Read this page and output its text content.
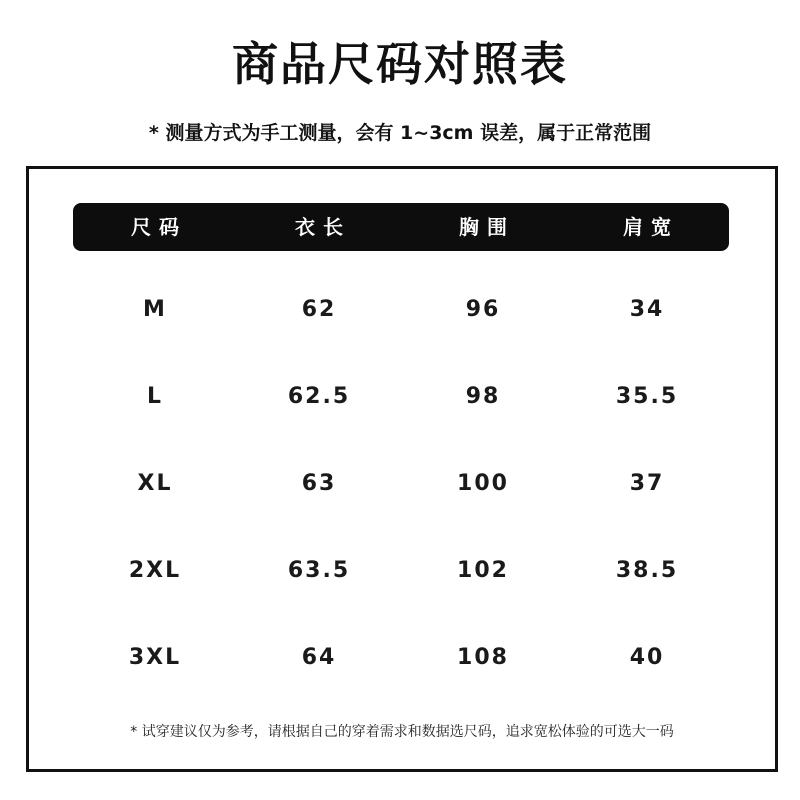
商品尺码对照表
* 测量方式为手工测量，会有 1~3cm 误差，属于正常范围
尺码	衣长	胸围	肩宽
M	62	96	34
L	62.5	98	35.5
XL	63	100	37
2XL	63.5	102	38.5
3XL	64	108	40
* 试穿建议仅为参考，请根据自己的穿着需求和数据选尺码，追求宽松体验的可选大一码
